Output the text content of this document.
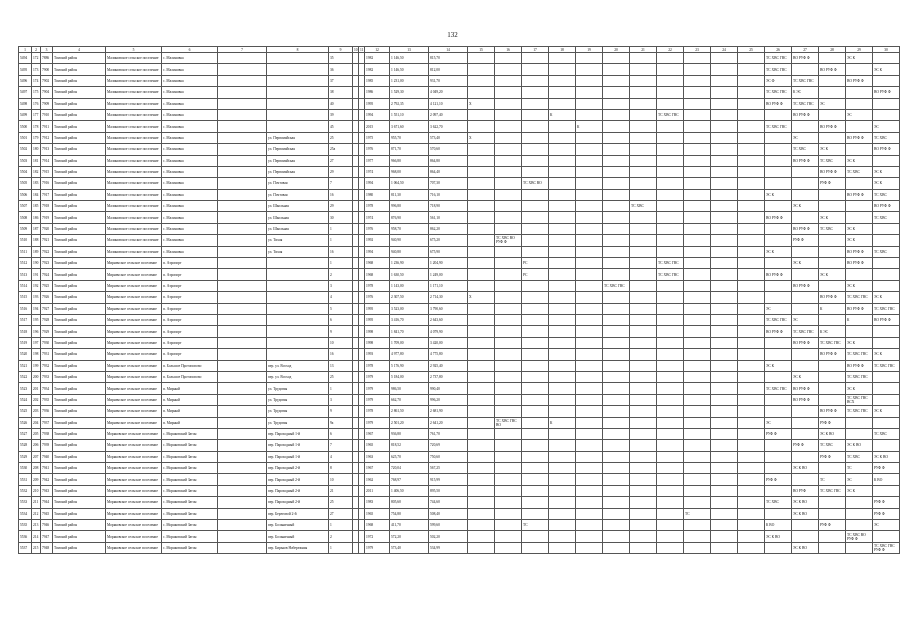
132
1	2	3	4	5	6	7	8	9	10	11	12	13	14	15	16	17	18	19	20	21	22	23	24	25	26	27	28	29	30
5494	172	7886	Томский район	Малиновское сельское поселение	с. Малиновка			35			1982	1 146,50	815,70												ТС ХВС ГВС	ВО РУФ Ф		ЭС К	
5495	173	7900	Томский район	Малиновское сельское поселение	с. Малиновка			36			1982	1 146,50	812,00												ТС ХВС ГВС		ВО РУФ Ф		ЭС К
5496	174	7902	Томский район	Малиновское сельское поселение	с. Малиновка			37			1985	1 231,00	931,70												ЭС Ф	ТС ХВС ГВС		ВО РУФ Ф	
5497	175	7904	Томский район	Малиновское сельское поселение	с. Малиновка			38			1986	1 529,30	4 049,20												ТС ХВС ГВС	К ЭС			ВО РУФ Ф
5498	176	7909	Томский район	Малиновское сельское поселение	с. Малиновка			40			1995	2 792,35	4 121,10	Х											ВО РУФ Ф	ТС ХВС ГВС	ЭС		
5499	177	7910	Томский район	Малиновское сельское поселение	с. Малиновка			39			1994	1 551,10	2 097,40				К				ТС ХВС ГВС					ВО РУФ Ф		ЭС	
5500	178	7911	Томский район	Малиновское сельское поселение	с. Малиновка			45			2015	3 671,60	3 622,70					К							ТС ХВС ГВС		ВО РУФ Ф		ЭС
5501	179	7912	Томский район	Малиновское сельское поселение	с. Малиновка		ул. Первомайская	25			1975	955,70	573,40	Х												ЭС		ВО РУФ Ф	ТС ХВС
5502	180	7913	Томский район	Малиновское сельское поселение	с. Малиновка		ул. Первомайская	25а			1976	871,70	570,60													ТС ХВС	ЭС К		ВО РУФ Ф
5503	181	7914	Томский район	Малиновское сельское поселение	с. Малиновка		ул. Первомайская	27			1977	966,80	864,80													ВО РУФ Ф	ТС ХВС	ЭС К	
5504	182	7915	Томский район	Малиновское сельское поселение	с. Малиновка		ул. Первомайская	29			1974	968,00	864,40														ВО РУФ Ф	ТС ХВС	ЭС К
5505	183	7916	Томский район	Малиновское сельское поселение	с. Малиновка		ул. Почтовая	7			1994	1 064,50	707,30			ТС ХВС ВО											РУФ Ф		ЭС К
5506	184	7917	Томский район	Малиновское сельское поселение	с. Малиновка		ул. Почтовая	16			1980	811,30	716,10												ЭС К			ВО РУФ Ф	ТС ХВС
5507	185	7918	Томский район	Малиновское сельское поселение	с. Малиновка		ул. Школьная	29			1978	996,80	718,90							ТС ХВС						ЭС К			ВО РУФ Ф
5508	186	7919	Томский район	Малиновское сельское поселение	с. Малиновка		ул. Школьная	30			1974	876,90	561,10												ВО РУФ Ф		ЭС К		ТС ХВС
5509	187	7920	Томский район	Малиновское сельское поселение	с. Малиновка		ул. Школьная	1			1976	958,70	862,20													ВО РУФ Ф	ТС ХВС	ЭС К	
5510	188	7921	Томский район	Малиновское сельское поселение	с. Малиновка		ул. Тихая	1			1992	940,90	675,20		ТС ХВС ВО РУФ Ф											РУФ Ф		ЭС К	
5511	189	7922	Томский район	Малиновское сельское поселение	с. Малиновка		ул. Тихая	16			1994	940,80	675,90												ЭС К			ВО РУФ Ф	ТС ХВС
5512	190	7923	Томский район	Мирненское сельское поселение	п. Аэропорт			1			1968	1 236,90	1 204,90			РС					ТС ХВС ГВС					ЭС К		ВО РУФ Ф	
5513	191	7924	Томский район	Мирненское сельское поселение	п. Аэропорт			2			1968	1 630,50	1 249,00			РС					ТС ХВС ГВС				ВО РУФ Ф		ЭС К		
5514	192	7925	Томский район	Мирненское сельское поселение	п. Аэропорт			3			1978	1 143,00	1 171,10						ТС ХВС ГВС							ВО РУФ Ф		ЭС К	
5515	193	7926	Томский район	Мирненское сельское поселение	п. Аэропорт			4			1976	2 307,50	2 714,30	Х													ВО РУФ Ф	ТС ХВС ГВС	ЭС К
5516	194	7927	Томский район	Мирненское сельское поселение	п. Аэропорт			5			1995	3 523,00	3 790,60												ЭС		К	ВО РУФ Ф	ТС ХВС ГВС
5517	195	7928	Томский район	Мирненское сельское поселение	п. Аэропорт			6			1995	3 416,70	2 643,60												ТС ХВС ГВС	ЭС		К	ВО РУФ Ф
5518	196	7929	Томский район	Мирненское сельское поселение	п. Аэропорт			9			1998	1 841,70	4 079,90												ВО РУФ Ф	ТС ХВС ГВС	К ЭС		
5519	197	7930	Томский район	Мирненское сельское поселение	п. Аэропорт			10			1998	1 709,00	3 420,00													ВО РУФ Ф	ТС ХВС ГВС	ЭС К	
5520	198	7931	Томский район	Мирненское сельское поселение	п. Аэропорт			16			1993	4 977,80	4 775,80														ВО РУФ Ф	ТС ХВС ГВС	ЭС К
5521	199	7932	Томский район	Мирненское сельское поселение	п. Большое Протопопово		пер. ул. Восход	13			1978	5 176,90	2 925,40												ЭС К			ВО РУФ Ф	ТС ХВС ГВС
5522	200	7933	Томский район	Мирненское сельское поселение	п. Большое Протопопово		пер. ул. Восход	25			1979	5 184,00	2 737,80													ЭС К		ТС ХВС ГВС	
5523	201	7934	Томский район	Мирненское сельское поселение	п. Мирный		ул. Трудовая	1			1979	986,50	990,40												ТС ХВС ГВС	ВО РУФ Ф		ЭС К	
5524	202	7935	Томский район	Мирненское сельское поселение	п. Мирный		ул. Трудовая	3			1979	662,70	996,20													ВО РУФ Ф		ТС ХВС ГВС ВСХ	
5525	203	7936	Томский район	Мирненское сельское поселение	п. Мирный		ул. Трудовая	9			1978	2 861,50	2 681,90														ВО РУФ Ф	ТС ХВС ГВС	ЭС К
5526	204	7937	Томский район	Мирненское сельское поселение	п. Мирный		ул. Трудовая	9а			1979	2 501,20	2 641,20		ТС ХВС ГВС ВО		К								ЭС		РУФ Ф		
5527	205	7938	Томский район	Моряковское сельское поселение	с. Моряковский Затон		пер. Пароходный 1-й	6			1967	936,80	761,70												РУФ Ф		ЭС К ВО		ТС ХВС
5528	206	7939	Томский район	Моряковское сельское поселение	с. Моряковский Затон		пер. Пароходный 1-й	7			1965	818,52	720,69													РУФ Ф	ТС ХВС	ЭС К ВО	
5529	207	7940	Томский район	Моряковское сельское поселение	с. Моряковский Затон		пер. Пароходный 1-й	4			1963	625,70	750,60														РУФ Ф	ТС ХВС	ЭС К ВО
5530	208	7941	Томский район	Моряковское сельское поселение	с. Моряковский Затон		пер. Пароходный 2-й	8			1967	720,04	567,25													ЭС К ВО		ТС	РУФ Ф
5531	209	7942	Томский район	Моряковское сельское поселение	с. Моряковский Затон		пер. Пароходный 2-й	10			1962	768,97	915,99												РУФ Ф		ТС	ЭС	К ВО
5532	210	7943	Томский район	Моряковское сельское поселение	с. Моряковский Затон		пер. Пароходный 2-й	21			2011	1 406,50	895,50													ВО РУФ	ТС ХВС ГВС	ЭС К	
5533	211	7944	Томский район	Моряковское сельское поселение	с. Моряковский Затон		пер. Пароходный 2-й	25			1983	805,60	744,60												ТС ХВС	ЭС К ВО			РУФ Ф
5534	212	7945	Томский район	Моряковское сельское поселение	с. Моряковский Затон		пер. Береговой 2-й	27			1965	754,80	508,40									ТС				ЭС К ВО			РУФ Ф
5535	213	7946	Томский район	Моряковское сельское поселение	с. Моряковский Затон		пер. Больничный	1			1968	411,70	599,60			ТС									К ВО		РУФ Ф		ЭС
5536	214	7947	Томский район	Моряковское сельское поселение	с. Моряковский Затон		пер. Больничный	2			1972	572,20	502,20												ЭС К ВО			ТС ХВС ВО РУФ Ф	
5537	215	7948	Томский район	Моряковское сельское поселение	с. Моряковский Затон		пер. Бирьков Набережная	1			1979	573,40	534,99													ЭС К ВО			ТС ХВС ГВС РУФ Ф
